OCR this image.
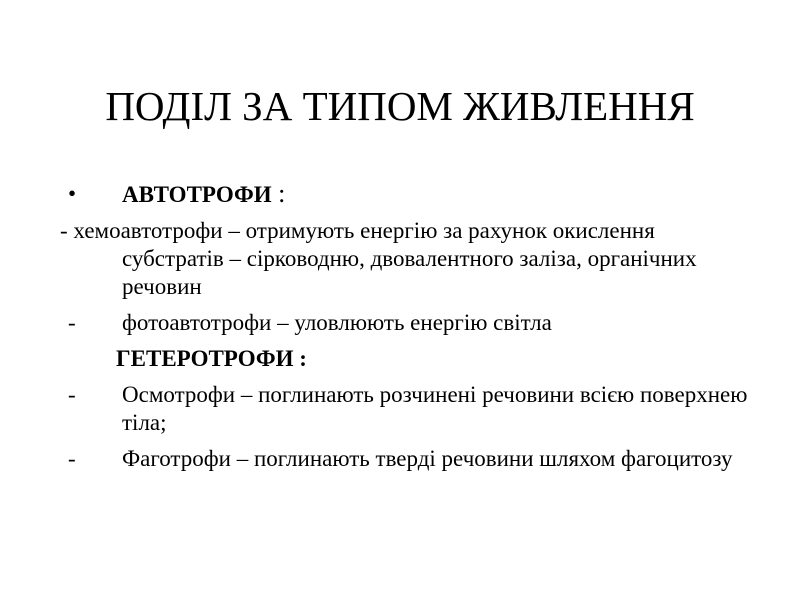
ПОДІЛ ЗА ТИПОМ ЖИВЛЕННЯ
• АВТОТРОФИ :
- хемоавтотрофи – отримують енергію за рахунок окислення субстратів – сірководню, двовалентного заліза, органічних речовин
- фотоавтотрофи – уловлюють енергію світла
ГЕТЕРОТРОФИ :
- Осмотрофи – поглинають розчинені речовини всією поверхнею тіла;
- Фаготрофи – поглинають тверді речовини шляхом фагоцитозу
